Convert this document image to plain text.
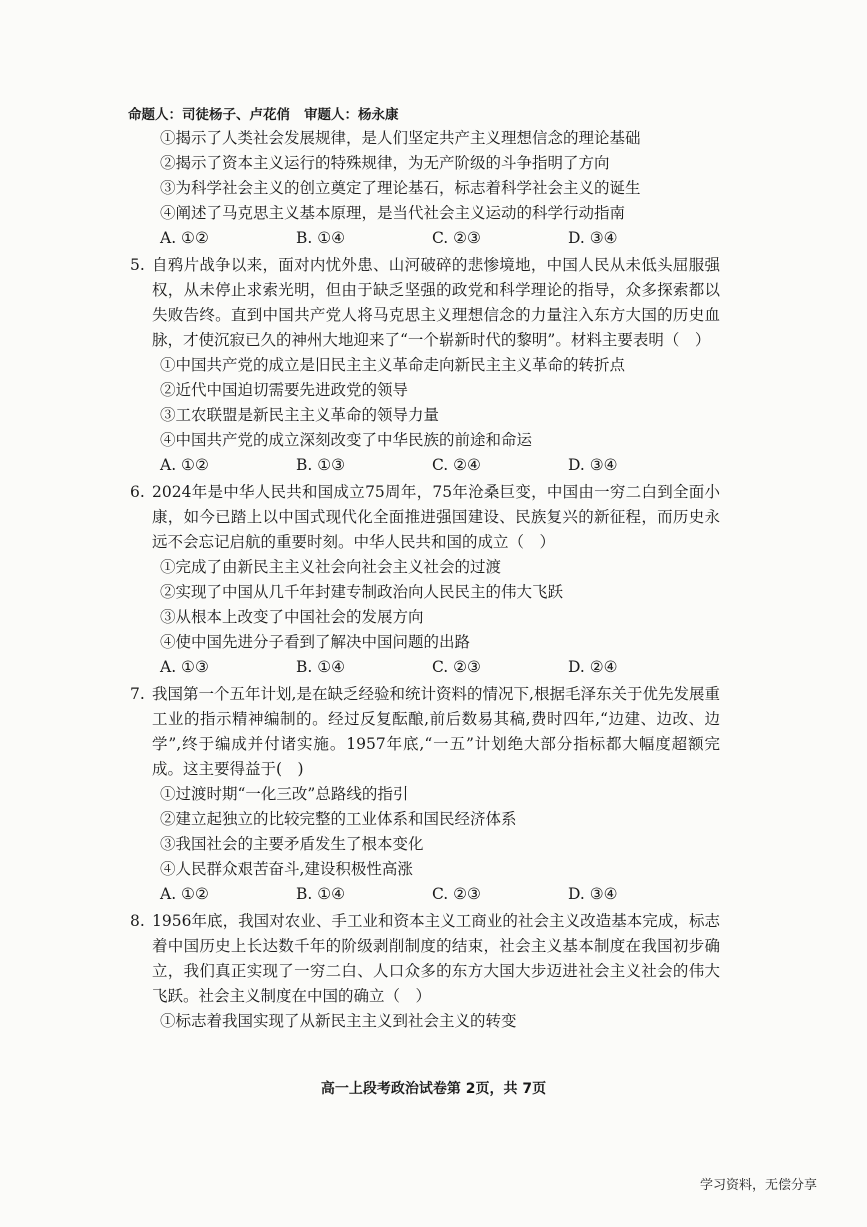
命题人：司徒杨子、卢花俏 审题人：杨永康
①揭示了人类社会发展规律，是人们坚定共产主义理想信念的理论基础
②揭示了资本主义运行的特殊规律，为无产阶级的斗争指明了方向
③为科学社会主义的创立奠定了理论基石，标志着科学社会主义的诞生
④阐述了马克思主义基本原理，是当代社会主义运动的科学行动指南
A. ①②	B. ①④	C. ②③	D. ③④
5. 自鸦片战争以来，面对内忧外患、山河破碎的悲惨境地，中国人民从未低头屈服强权，从未停止求索光明，但由于缺乏坚强的政党和科学理论的指导，众多探索都以失败告终。直到中国共产党人将马克思主义理想信念的力量注入东方大国的历史血脉，才使沉寂已久的神州大地迎来了“一个崭新时代的黎明”。材料主要表明（　）
①中国共产党的成立是旧民主主义革命走向新民主主义革命的转折点
②近代中国迫切需要先进政党的领导
③工农联盟是新民主主义革命的领导力量
④中国共产党的成立深刻改变了中华民族的前途和命运
A. ①②	B. ①③	C. ②④	D. ③④
6. 2024年是中华人民共和国成立75周年，75年沧桑巨变，中国由一穷二白到全面小康，如今已踏上以中国式现代化全面推进强国建设、民族复兴的新征程，而历史永远不会忘记启航的重要时刻。中华人民共和国的成立（　）
①完成了由新民主主义社会向社会主义社会的过渡
②实现了中国从几千年封建专制政治向人民民主的伟大飞跃
③从根本上改变了中国社会的发展方向
④使中国先进分子看到了解决中国问题的出路
A. ①③	B. ①④	C. ②③	D. ②④
7. 我国第一个五年计划,是在缺乏经验和统计资料的情况下,根据毛泽东关于优先发展重工业的指示精神编制的。经过反复酝酿,前后数易其稿,费时四年,“边建、边改、边学”,终于编成并付诸实施。1957年底,“一五”计划绝大部分指标都大幅度超额完成。这主要得益于(　)
①过渡时期“一化三改”总路线的指引
②建立起独立的比较完整的工业体系和国民经济体系
③我国社会的主要矛盾发生了根本变化
④人民群众艰苦奋斗,建设积极性高涨
A. ①②	B. ①④	C. ②③	D. ③④
8. 1956年底，我国对农业、手工业和资本主义工商业的社会主义改造基本完成，标志着中国历史上长达数千年的阶级剥削制度的结束，社会主义基本制度在我国初步确立，我们真正实现了一穷二白、人口众多的东方大国大步迈进社会主义社会的伟大飞跃。社会主义制度在中国的确立（　）
①标志着我国实现了从新民主主义到社会主义的转变
高一上段考政治试卷第 2页，共 7页
学习资料，无偿分享
